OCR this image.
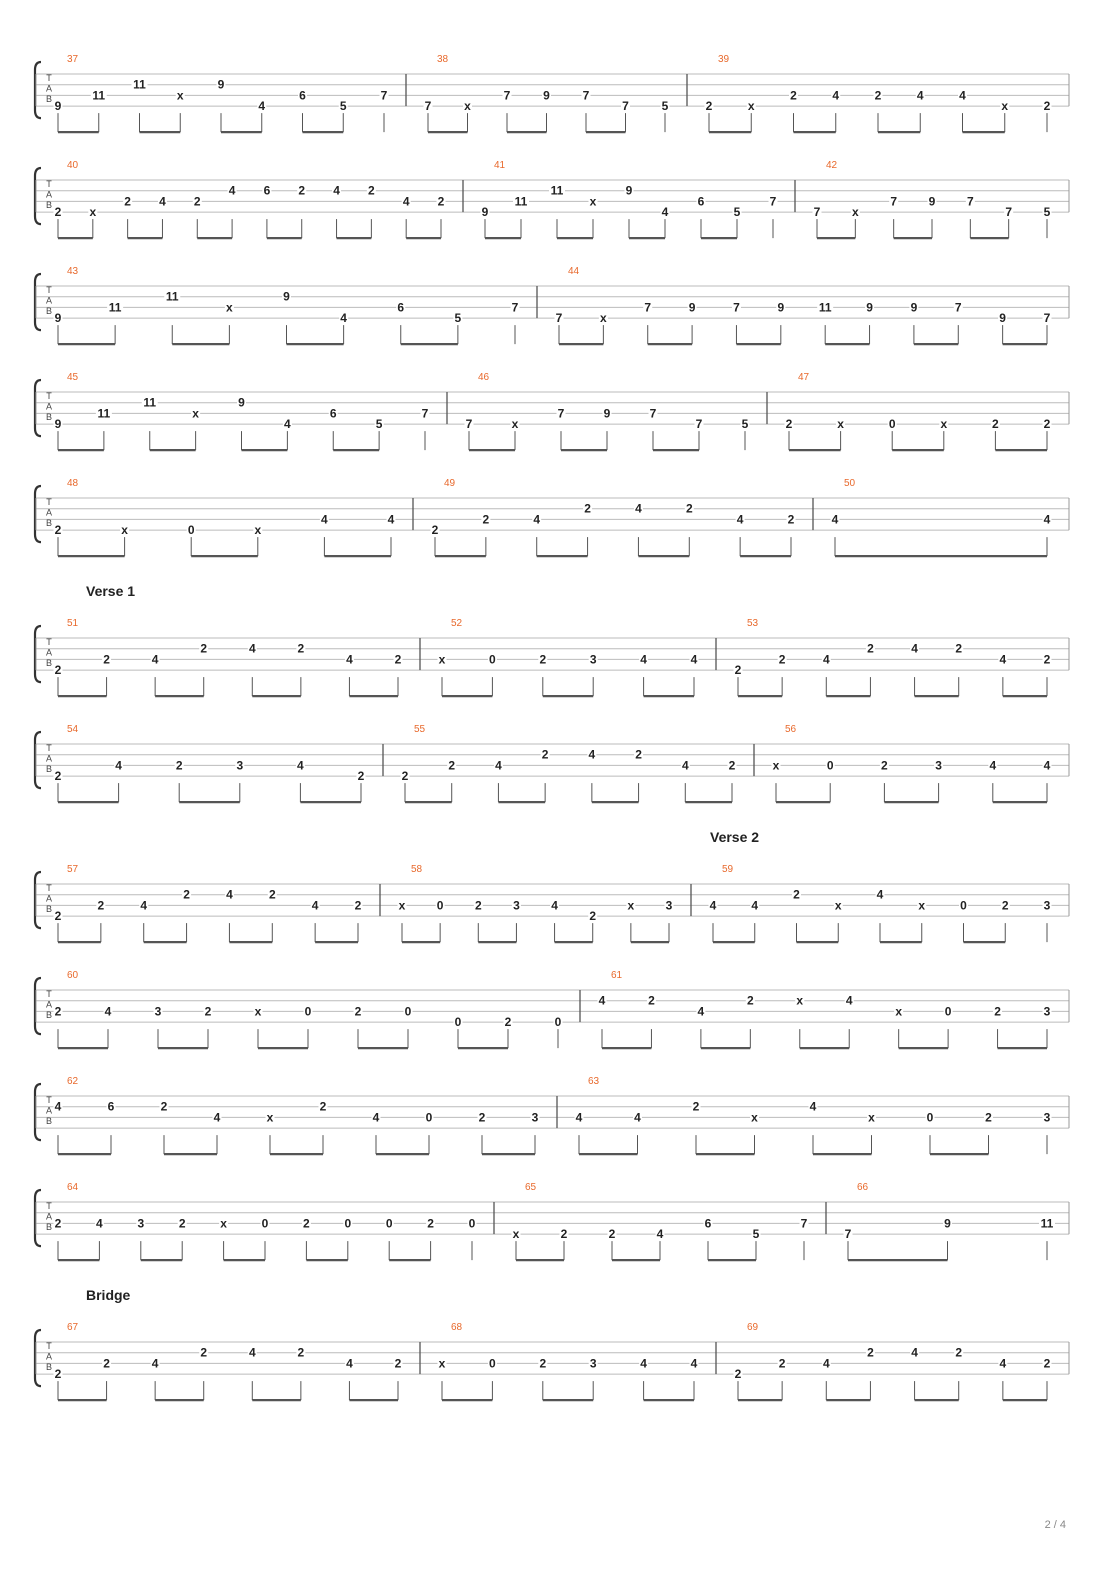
T
A
B
37
9
11
11
x
9
4
6
5
7
38
7	x
7	9	7
7	5
39
2	x
2	4	2	4	4
x	2
T
A
B
40
2 x
2 4 2
4 6 2 4 2
4 2
41
9
11
11
x
9
4
6
5
7
42
7	x
7	9	7
7	5
T
A
B
43
9
11
11
x
9
4
6
5
7
44
7	x
7	9	7	9	11	9	9	7
9	7
T
A
B
45
9
11
11
x
9
4
6
5
7
46
7	x
7	9	7
7	5
47
2	x	0	x	2	2
T
A
B
48
2	x	0	x
4	4
49
2
2	4
2	4	2
4	2
50
4	4
T
A
B
Verse 1
51
2
2	4
2	4	2
4	2
52
x	0	2	3	4	4
53
2
2	4
2	4	2
4	2
T
A
B
54
2
4	2	3	4
2
55
2
2	4
2	4	2
4	2
56
x	0	2	3	4	4
T
A
B
Verse 2
57
2
2	4
2	4	2
4	2
58
x	0	2	3	4
2
x	3
59
4	4
2
x
4
x	0	2	3
T
A
B
60
2	4	3	2	x	0	2	0
0	2	0
61
4	2
4
2	x	4
x	0	2	3
T
A
B
62
4	6	2
4	x
2
4	0	2	3
63
4	4
2
x
4
x	0	2	3
T
A
B
64
2	4	3	2	x	0	2	0	0	2	0
65
x	2	2	4
6
5
7
66
7
9	11
T
A
B
Bridge
67
2
2	4
2	4	2
4	2
68
x	0	2	3	4	4
69
2
2	4
2	4	2
4	2
2 / 4
